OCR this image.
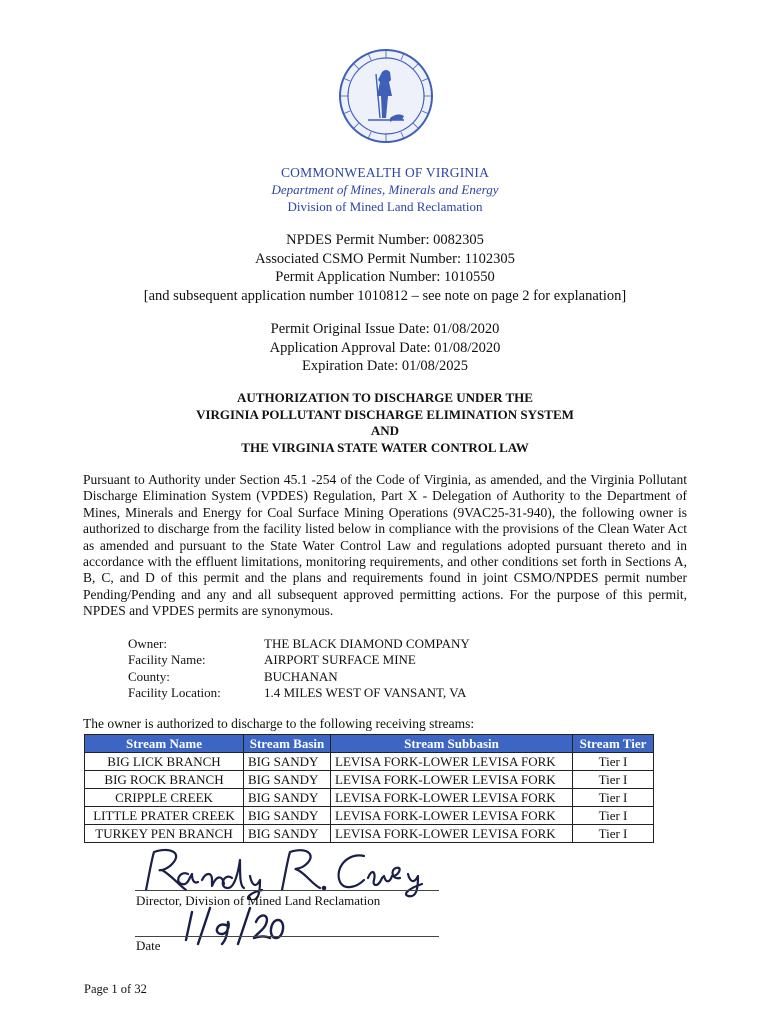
COMMONWEALTH OF VIRGINIA
Department of Mines, Minerals and Energy
Division of Mined Land Reclamation
NPDES Permit Number: 0082305
Associated CSMO Permit Number: 1102305
Permit Application Number: 1010550
[and subsequent application number 1010812 – see note on page 2 for explanation]
Permit Original Issue Date: 01/08/2020
Application Approval Date: 01/08/2020
Expiration Date: 01/08/2025
AUTHORIZATION TO DISCHARGE UNDER THE
VIRGINIA POLLUTANT DISCHARGE ELIMINATION SYSTEM
AND
THE VIRGINIA STATE WATER CONTROL LAW
Pursuant to Authority under Section 45.1 -254 of the Code of Virginia, as amended, and the Virginia Pollutant Discharge Elimination System (VPDES) Regulation, Part X - Delegation of Authority to the Department of Mines, Minerals and Energy for Coal Surface Mining Operations (9VAC25-31-940), the following owner is authorized to discharge from the facility listed below in compliance with the provisions of the Clean Water Act as amended and pursuant to the State Water Control Law and regulations adopted pursuant thereto and in accordance with the effluent limitations, monitoring requirements, and other conditions set forth in Sections A, B, C, and D of this permit and the plans and requirements found in joint CSMO/NPDES permit number Pending/Pending and any and all subsequent approved permitting actions. For the purpose of this permit, NPDES and VPDES permits are synonymous.
Owner:	THE BLACK DIAMOND COMPANY
Facility Name:	AIRPORT SURFACE MINE
County:	BUCHANAN
Facility Location:	1.4 MILES WEST OF VANSANT, VA
The owner is authorized to discharge to the following receiving streams:
Stream Name	Stream Basin	Stream Subbasin	Stream Tier
BIG LICK BRANCH	BIG SANDY	LEVISA FORK-LOWER LEVISA FORK	Tier I
BIG ROCK BRANCH	BIG SANDY	LEVISA FORK-LOWER LEVISA FORK	Tier I
CRIPPLE CREEK	BIG SANDY	LEVISA FORK-LOWER LEVISA FORK	Tier I
LITTLE PRATER CREEK	BIG SANDY	LEVISA FORK-LOWER LEVISA FORK	Tier I
TURKEY PEN BRANCH	BIG SANDY	LEVISA FORK-LOWER LEVISA FORK	Tier I
Director, Division of Mined Land Reclamation
Date
Page 1 of 32
